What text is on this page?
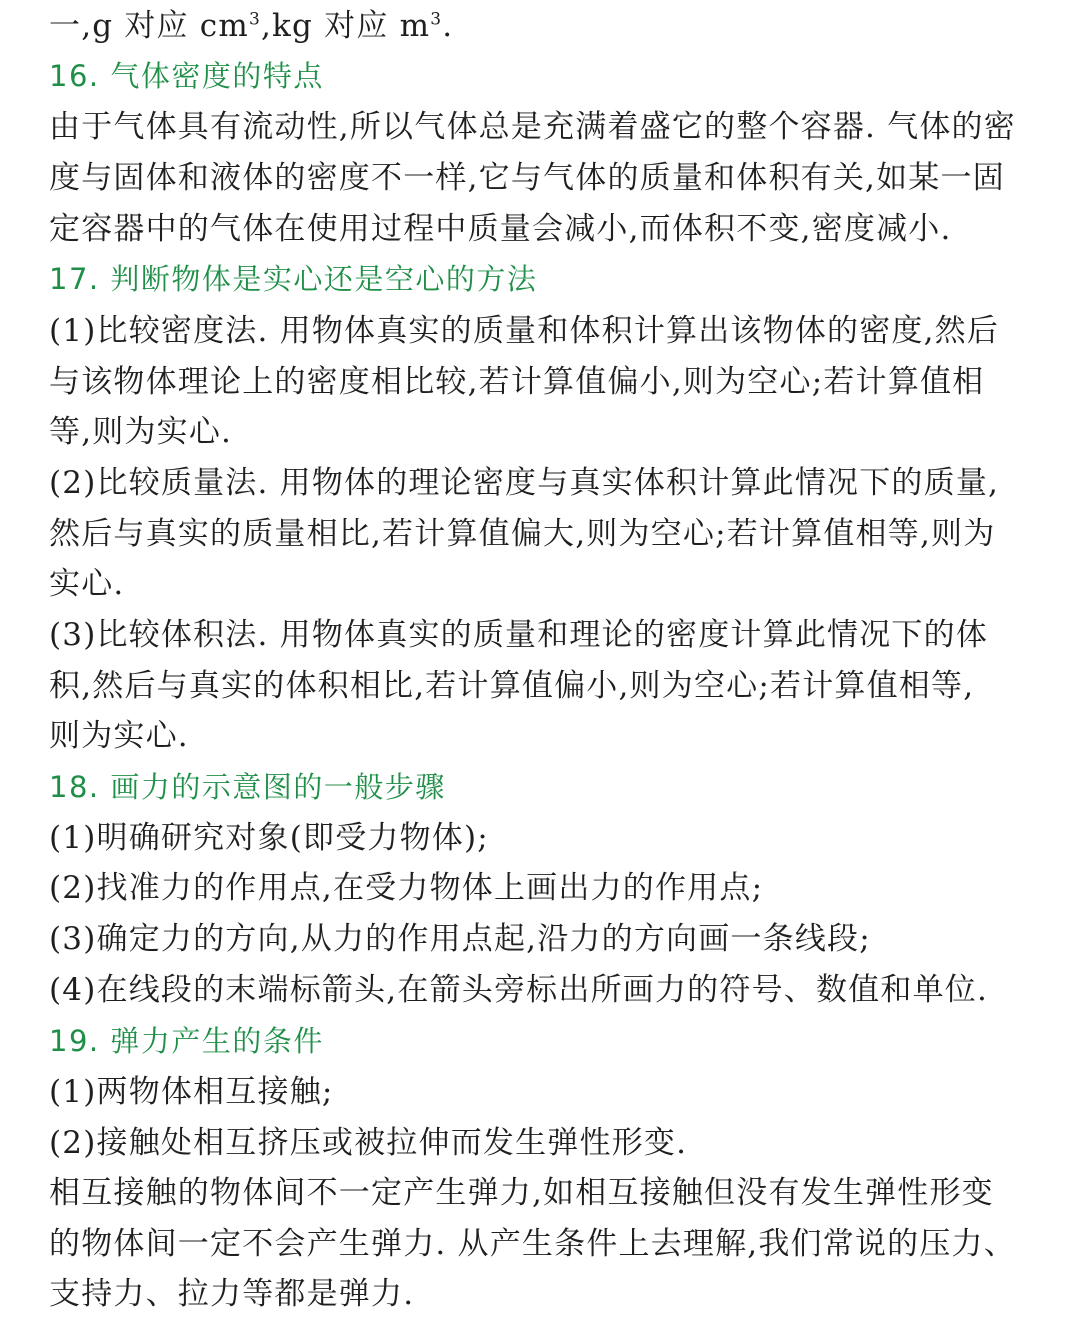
一,g 对应 $cm^3,kg$ 对应 $m^3$.
16. 气体密度的特点
由于气体具有流动性,所以气体总是充满着盛它的整个容器. 气体的密
度与固体和液体的密度不一样,它与气体的质量和体积有关,如某一固
定容器中的气体在使用过程中质量会减小,而体积不变,密度减小.
17. 判断物体是实心还是空心的方法
(1)比较密度法. 用物体真实的质量和体积计算出该物体的密度,然后
与该物体理论上的密度相比较,若计算值偏小,则为空心;若计算值相
等,则为实心.
(2)比较质量法. 用物体的理论密度与真实体积计算此情况下的质量,
然后与真实的质量相比,若计算值偏大,则为空心;若计算值相等,则为
实心.
(3)比较体积法. 用物体真实的质量和理论的密度计算此情况下的体
积,然后与真实的体积相比,若计算值偏小,则为空心;若计算值相等,
则为实心.
18. 画力的示意图的一般步骤
(1)明确研究对象(即受力物体);
(2)找准力的作用点,在受力物体上画出力的作用点;
(3)确定力的方向,从力的作用点起,沿力的方向画一条线段;
(4)在线段的末端标箭头,在箭头旁标出所画力的符号、数值和单位.
19. 弹力产生的条件
(1)两物体相互接触;
(2)接触处相互挤压或被拉伸而发生弹性形变.
相互接触的物体间不一定产生弹力,如相互接触但没有发生弹性形变
的物体间一定不会产生弹力. 从产生条件上去理解,我们常说的压力、
支持力、拉力等都是弹力.
